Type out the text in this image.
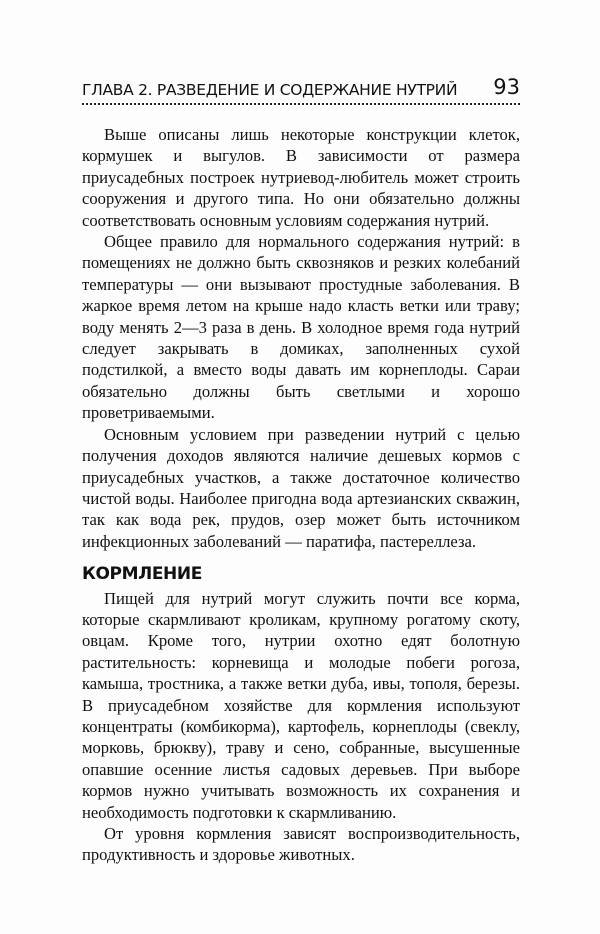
ГЛАВА 2. РАЗВЕДЕНИЕ И СОДЕРЖАНИЕ НУТРИЙ 93

Выше описаны лишь некоторые конструкции клеток, кормушек и выгулов. В зависимости от размера приусадебных построек нутриевод-любитель может строить сооружения и другого типа. Но они обязательно должны соответствовать основным условиям содержания нутрий.

Общее правило для нормального содержания нутрий: в помещениях не должно быть сквозняков и резких колебаний температуры — они вызывают простудные заболевания. В жаркое время летом на крыше надо класть ветки или траву; воду менять 2—3 раза в день. В холодное время года нутрий следует закрывать в домиках, заполненных сухой подстилкой, а вместо воды давать им корнеплоды. Сараи обязательно должны быть светлыми и хорошо проветриваемыми.

Основным условием при разведении нутрий с целью получения доходов являются наличие дешевых кормов с приусадебных участков, а также достаточное количество чистой воды. Наиболее пригодна вода артезианских скважин, так как вода рек, прудов, озер может быть источником инфекционных заболеваний — паратифа, пастереллеза.

КОРМЛЕНИЕ

Пищей для нутрий могут служить почти все корма, которые скармливают кроликам, крупному рогатому скоту, овцам. Кроме того, нутрии охотно едят болотную растительность: корневища и молодые побеги рогоза, камыша, тростника, а также ветки дуба, ивы, тополя, березы. В приусадебном хозяйстве для кормления используют концентраты (комбикорма), картофель, корнеплоды (свеклу, морковь, брюкву), траву и сено, собранные, высушенные опавшие осенние листья садовых деревьев. При выборе кормов нужно учитывать возможность их сохранения и необходимость подготовки к скармливанию.

От уровня кормления зависят воспроизводительность, продуктивность и здоровье животных.
